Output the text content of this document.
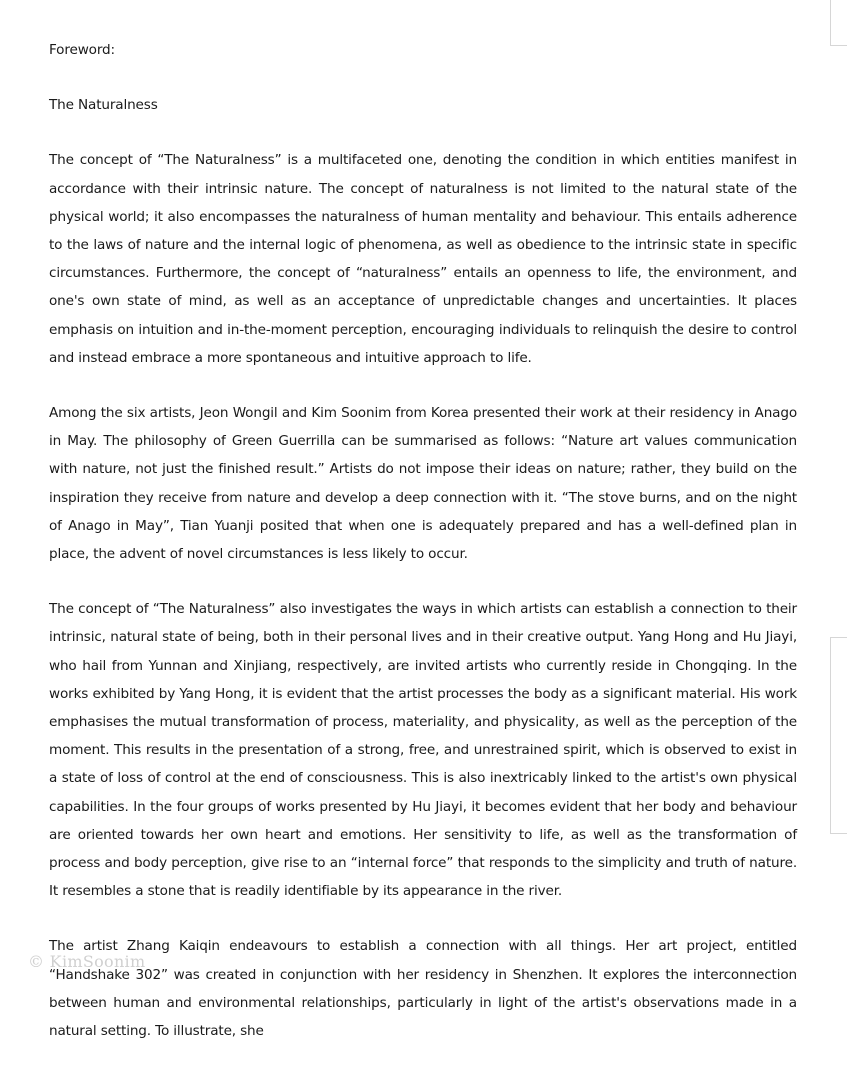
Foreword:

The Naturalness

The concept of “The Naturalness” is a multifaceted one, denoting the condition in which entities manifest in accordance with their intrinsic nature. The concept of naturalness is not limited to the natural state of the physical world; it also encompasses the naturalness of human mentality and behaviour. This entails adherence to the laws of nature and the internal logic of phenomena, as well as obedience to the intrinsic state in specific circumstances. Furthermore, the concept of “naturalness” entails an openness to life, the environment, and one's own state of mind, as well as an acceptance of unpredictable changes and uncertainties. It places emphasis on intuition and in-the-moment perception, encouraging individuals to relinquish the desire to control and instead embrace a more spontaneous and intuitive approach to life.

Among the six artists, Jeon Wongil and Kim Soonim from Korea presented their work at their residency in Anago in May. The philosophy of Green Guerrilla can be summarised as follows: “Nature art values communication with nature, not just the finished result.” Artists do not impose their ideas on nature; rather, they build on the inspiration they receive from nature and develop a deep connection with it. “The stove burns, and on the night of Anago in May”, Tian Yuanji posited that when one is adequately prepared and has a well-defined plan in place, the advent of novel circumstances is less likely to occur.

The concept of “The Naturalness” also investigates the ways in which artists can establish a connection to their intrinsic, natural state of being, both in their personal lives and in their creative output. Yang Hong and Hu Jiayi, who hail from Yunnan and Xinjiang, respectively, are invited artists who currently reside in Chongqing. In the works exhibited by Yang Hong, it is evident that the artist processes the body as a significant material. His work emphasises the mutual transformation of process, materiality, and physicality, as well as the perception of the moment. This results in the presentation of a strong, free, and unrestrained spirit, which is observed to exist in a state of loss of control at the end of consciousness. This is also inextricably linked to the artist's own physical capabilities. In the four groups of works presented by Hu Jiayi, it becomes evident that her body and behaviour are oriented towards her own heart and emotions. Her sensitivity to life, as well as the transformation of process and body perception, give rise to an “internal force” that responds to the simplicity and truth of nature. It resembles a stone that is readily identifiable by its appearance in the river.

The artist Zhang Kaiqin endeavours to establish a connection with all things. Her art project, entitled “Handshake 302” was created in conjunction with her residency in Shenzhen. It explores the interconnection between human and environmental relationships, particularly in light of the artist's observations made in a natural setting. To illustrate, she

© KimSoonim
